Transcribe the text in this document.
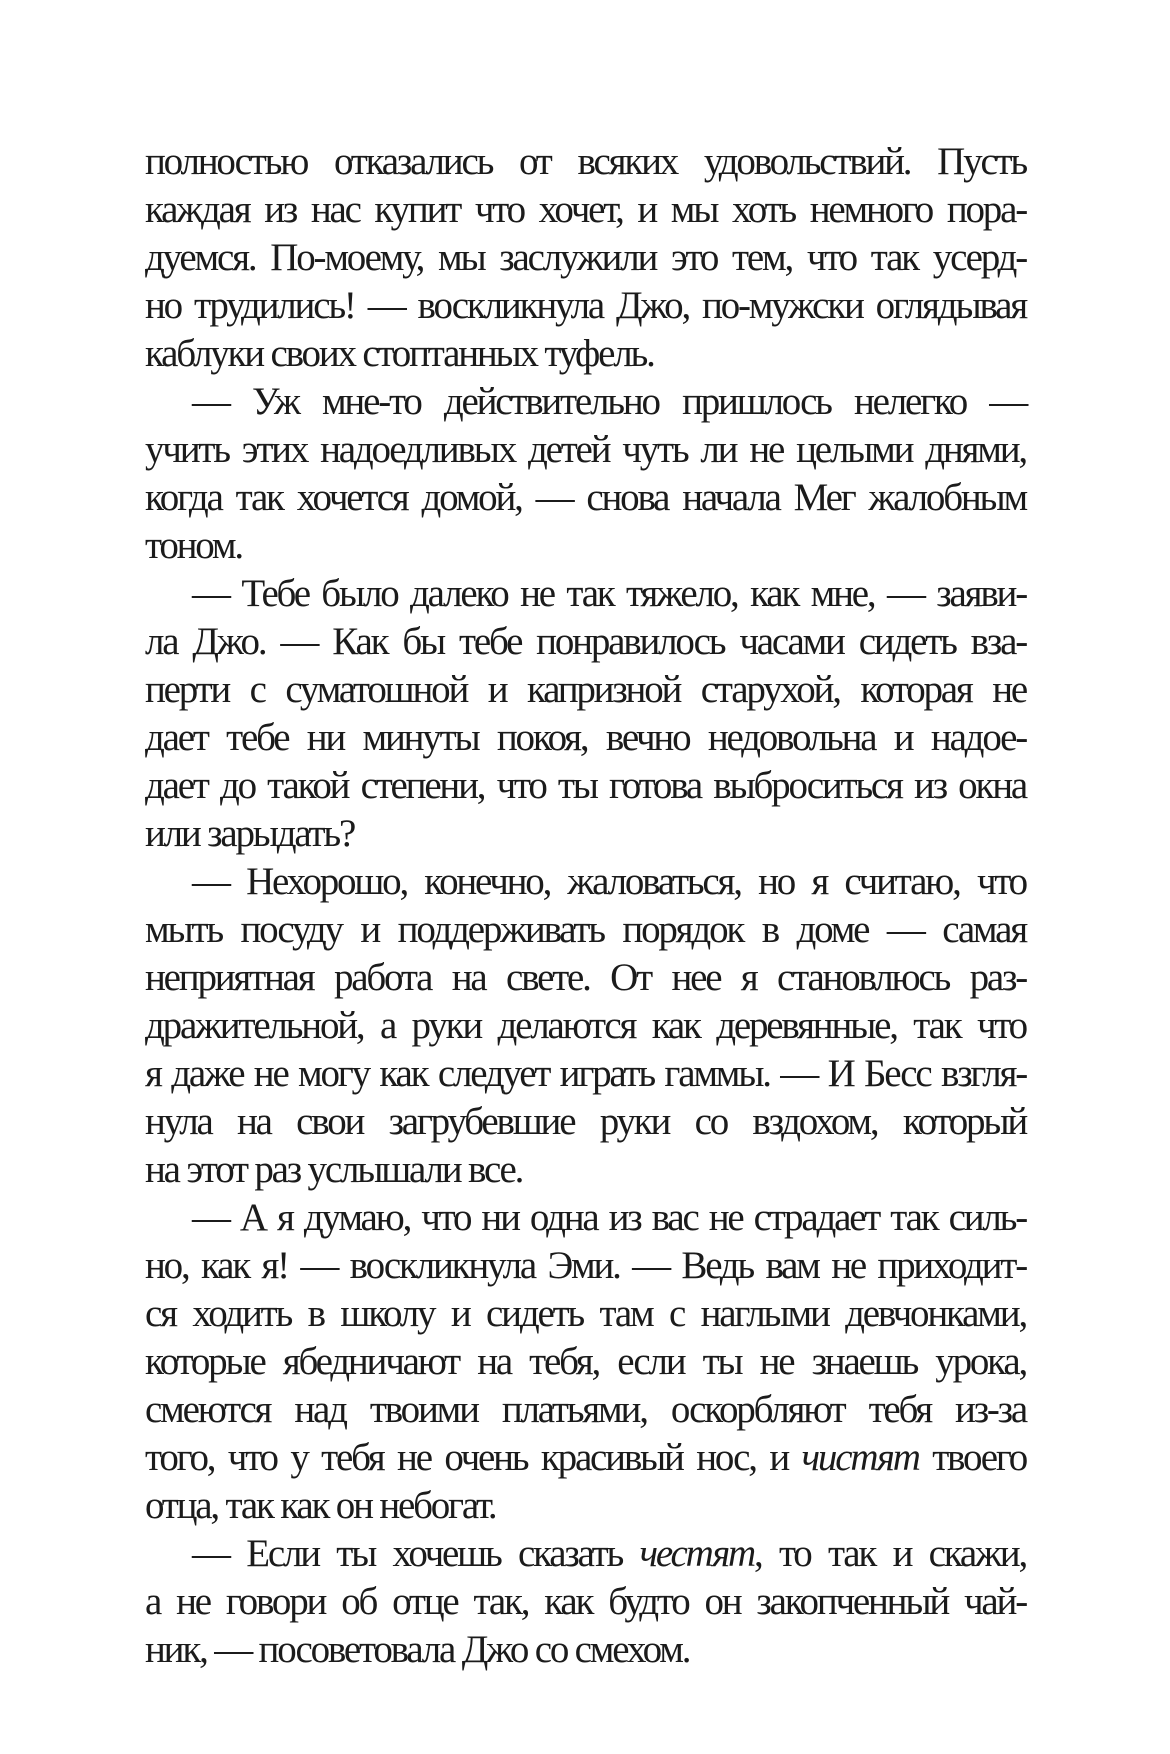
полностью отказались от всяких удовольствий. Пусть
каждая из нас купит что хочет, и мы хоть немного пора-
дуемся. По-моему, мы заслужили это тем, что так усерд-
но трудились! — воскликнула Джо, по-мужски оглядывая
каблуки своих стоптанных туфель.
— Уж мне-то действительно пришлось нелегко —
учить этих надоедливых детей чуть ли не целыми днями,
когда так хочется домой, — снова начала Мег жалобным
тоном.
— Тебе было далеко не так тяжело, как мне, — заяви-
ла Джо. — Как бы тебе понравилось часами сидеть вза-
перти с суматошной и капризной старухой, которая не
дает тебе ни минуты покоя, вечно недовольна и надое-
дает до такой степени, что ты готова выброситься из окна
или зарыдать?
— Нехорошо, конечно, жаловаться, но я считаю, что
мыть посуду и поддерживать порядок в доме — самая
неприятная работа на свете. От нее я становлюсь раз-
дражительной, а руки делаются как деревянные, так что
я даже не могу как следует играть гаммы. — И Бесс взгля-
нула на свои загрубевшие руки со вздохом, который
на этот раз услышали все.
— А я думаю, что ни одна из вас не страдает так силь-
но, как я! — воскликнула Эми. — Ведь вам не приходит-
ся ходить в школу и сидеть там с наглыми девчонками,
которые ябедничают на тебя, если ты не знаешь урока,
смеются над твоими платьями, оскорбляют тебя из-за
того, что у тебя не очень красивый нос, и чистят твоего
отца, так как он небогат.
— Если ты хочешь сказать честят, то так и скажи,
а не говори об отце так, как будто он закопченный чай-
ник, — посоветовала Джо со смехом.
